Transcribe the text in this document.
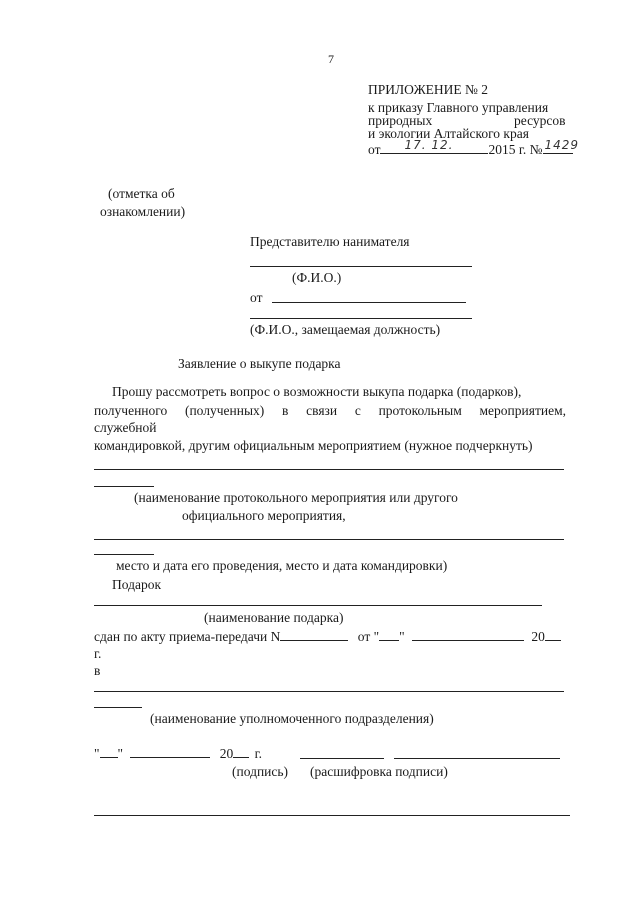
7
ПРИЛОЖЕНИЕ № 2
к приказу Главного управления
природных	ресурсов
и экологии Алтайского края
от 17. 12.	2015 г. № 1429
(отметка об
ознакомлении)
Представителю нанимателя
(Ф.И.О.)
от
(Ф.И.О., замещаемая должность)
Заявление о выкупе подарка
Прошу рассмотреть вопрос о возможности выкупа подарка (подарков),
полученного (полученных) в связи с протокольным мероприятием,
служебной
командировкой, другим официальным мероприятием (нужное подчеркнуть)
(наименование протокольного мероприятия или другого
официального мероприятия,
место и дата его проведения, место и дата командировки)
Подарок
(наименование подарка)
сдан по акту приема-передачи N	от " "	20
г.
в
(наименование уполномоченного подразделения)
" "	20 г.
(подпись) (расшифровка подписи)
